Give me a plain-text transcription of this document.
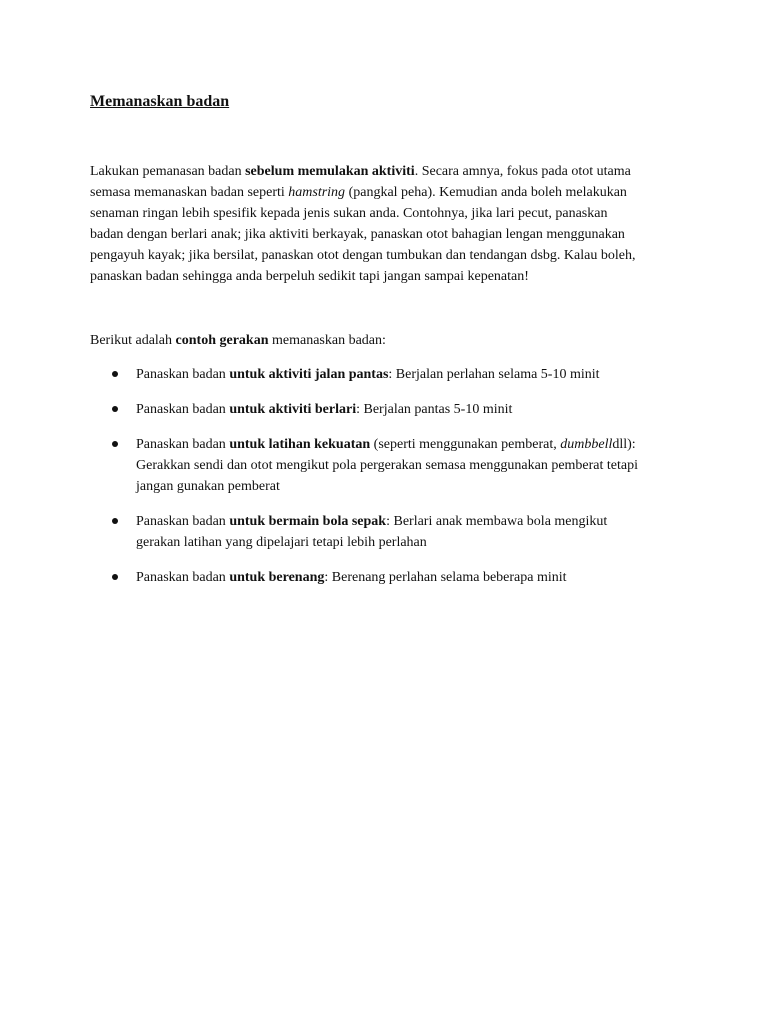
Memanaskan badan

Lakukan pemanasan badan sebelum memulakan aktiviti. Secara amnya, fokus pada otot utama
semasa memanaskan badan seperti hamstring (pangkal peha). Kemudian anda boleh melakukan
senaman ringan lebih spesifik kepada jenis sukan anda. Contohnya, jika lari pecut, panaskan
badan dengan berlari anak; jika aktiviti berkayak, panaskan otot bahagian lengan menggunakan
pengayuh kayak; jika bersilat, panaskan otot dengan tumbukan dan tendangan dsbg. Kalau boleh,
panaskan badan sehingga anda berpeluh sedikit tapi jangan sampai kepenatan!

Berikut adalah contoh gerakan memanaskan badan:

Panaskan badan untuk aktiviti jalan pantas: Berjalan perlahan selama 5-10 minit
Panaskan badan untuk aktiviti berlari: Berjalan pantas 5-10 minit
Panaskan badan untuk latihan kekuatan (seperti menggunakan pemberat, dumbbelldll):
Gerakkan sendi dan otot mengikut pola pergerakan semasa menggunakan pemberat tetapi
jangan gunakan pemberat
Panaskan badan untuk bermain bola sepak: Berlari anak membawa bola mengikut
gerakan latihan yang dipelajari tetapi lebih perlahan
Panaskan badan untuk berenang: Berenang perlahan selama beberapa minit
